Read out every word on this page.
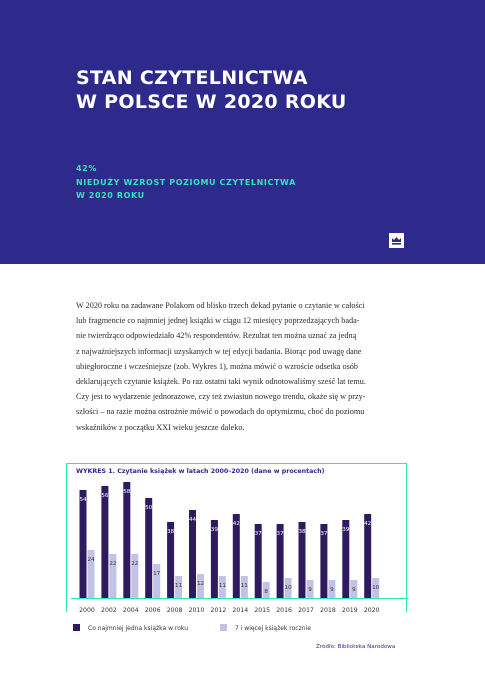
STAN CZYTELNICTWA
W POLSCE W 2020 ROKU
42%
NIEDUŻY WZROST POZIOMU CZYTELNICTWA
W 2020 ROKU
W 2020 roku na zadawane Polakom od blisko trzech dekad pytanie o czytanie w całości
lub fragmencie co najmniej jednej książki w ciągu 12 miesięcy poprzedzających bada-
nie twierdząco odpowiedziało 42% respondentów. Rezultat ten można uznać za jedną
z najważniejszych informacji uzyskanych w tej edycji badania. Biorąc pod uwagę dane
ubiegłoroczne i wcześniejsze (zob. Wykres 1), można mówić o wzroście odsetka osób
deklarujących czytanie książek. Po raz ostatni taki wynik odnotowaliśmy sześć lat temu.
Czy jest to wydarzenie jednorazowe, czy też zwiastun nowego trendu, okaże się w przy-
szłości – na razie można ostrożnie mówić o powodach do optymizmu, choć do poziomu
wskaźników z początku XXI wieku jeszcze daleko.
WYKRES 1. Czytanie książek w latach 2000–2020 (dane w procentach)
54
24
2000
56
22
2002
58
22
2004
50
17
2006
38
11
2008
44
12
2010
39
11
2012
42
11
2014
37
8
2015
37
10
2016
38
9
2017
37
9
2018
39
9
2019
42
10
2020
Co najmniej jedna książka w roku	7 i więcej książek rocznie
Źródło: Biblioteka Narodowa
